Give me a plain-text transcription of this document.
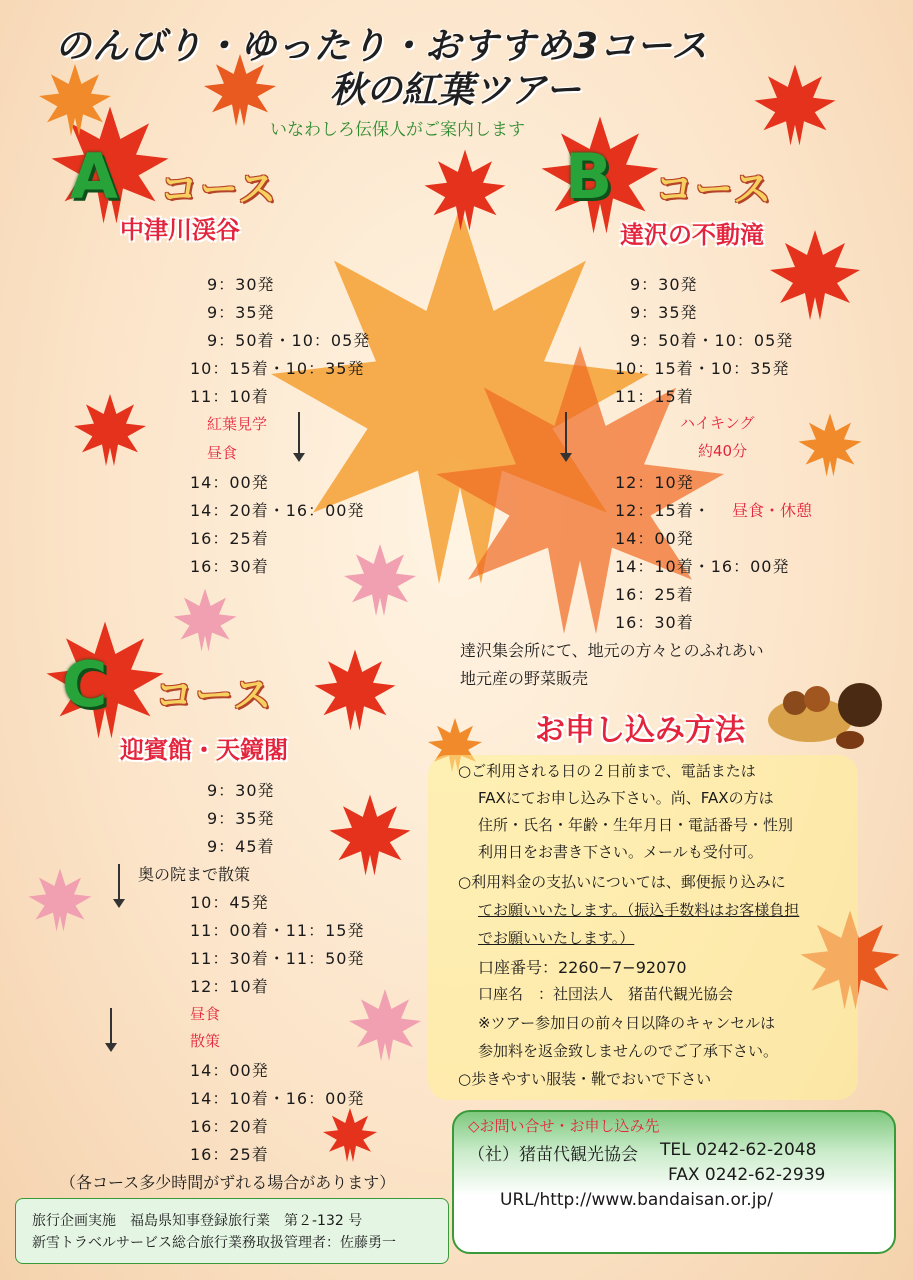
のんびり・ゆったり・おすすめ3コース
秋の紅葉ツアー
いなわしろ伝保人がご案内します
A コース
中津川渓谷
9：30発
9：35発
9：50着・10：05発
10：15着・10：35発
11：10着
紅葉見学
昼食
14：00発
14：20着・16：00発
16：25着
16：30着
B コース
達沢の不動滝
9：30発
9：35発
9：50着・10：05発
10：15着・10：35発
11：15着
ハイキング
約40分
12：10発
12：15着・ 昼食・休憩
14：00発
14：10着・16：00発
16：25着
16：30着
達沢集会所にて、地元の方々とのふれあい
地元産の野菜販売
C コース
迎賓館・天鏡閣
9：30発
9：35発
9：45着
奥の院まで散策
10：45発
11：00着・11：15発
11：30着・11：50発
12：10着
昼食
散策
14：00発
14：10着・16：00発
16：20着
16：25着
（各コース多少時間がずれる場合があります）
お申し込み方法
○ご利用される日の２日前まで、電話または
FAXにてお申し込み下さい。尚、FAXの方は
住所・氏名・年齢・生年月日・電話番号・性別
利用日をお書き下さい。メールも受付可。
○利用料金の支払いについては、郵便振り込みに
てお願いいたします。（振込手数料はお客様負担
でお願いいたします。）
口座番号：2260−7−92070
口座名　：社団法人　猪苗代観光協会
※ツアー参加日の前々日以降のキャンセルは
参加料を返金致しませんのでご了承下さい。
○歩きやすい服装・靴でおいで下さい
◇お問い合せ・お申し込み先
（社）猪苗代観光協会 TEL 0242-62-2048
FAX 0242-62-2939
URL/http://www.bandaisan.or.jp/
旅行企画実施　福島県知事登録旅行業　第２-132 号
新雪トラベルサービス総合旅行業務取扱管理者：佐藤勇一
